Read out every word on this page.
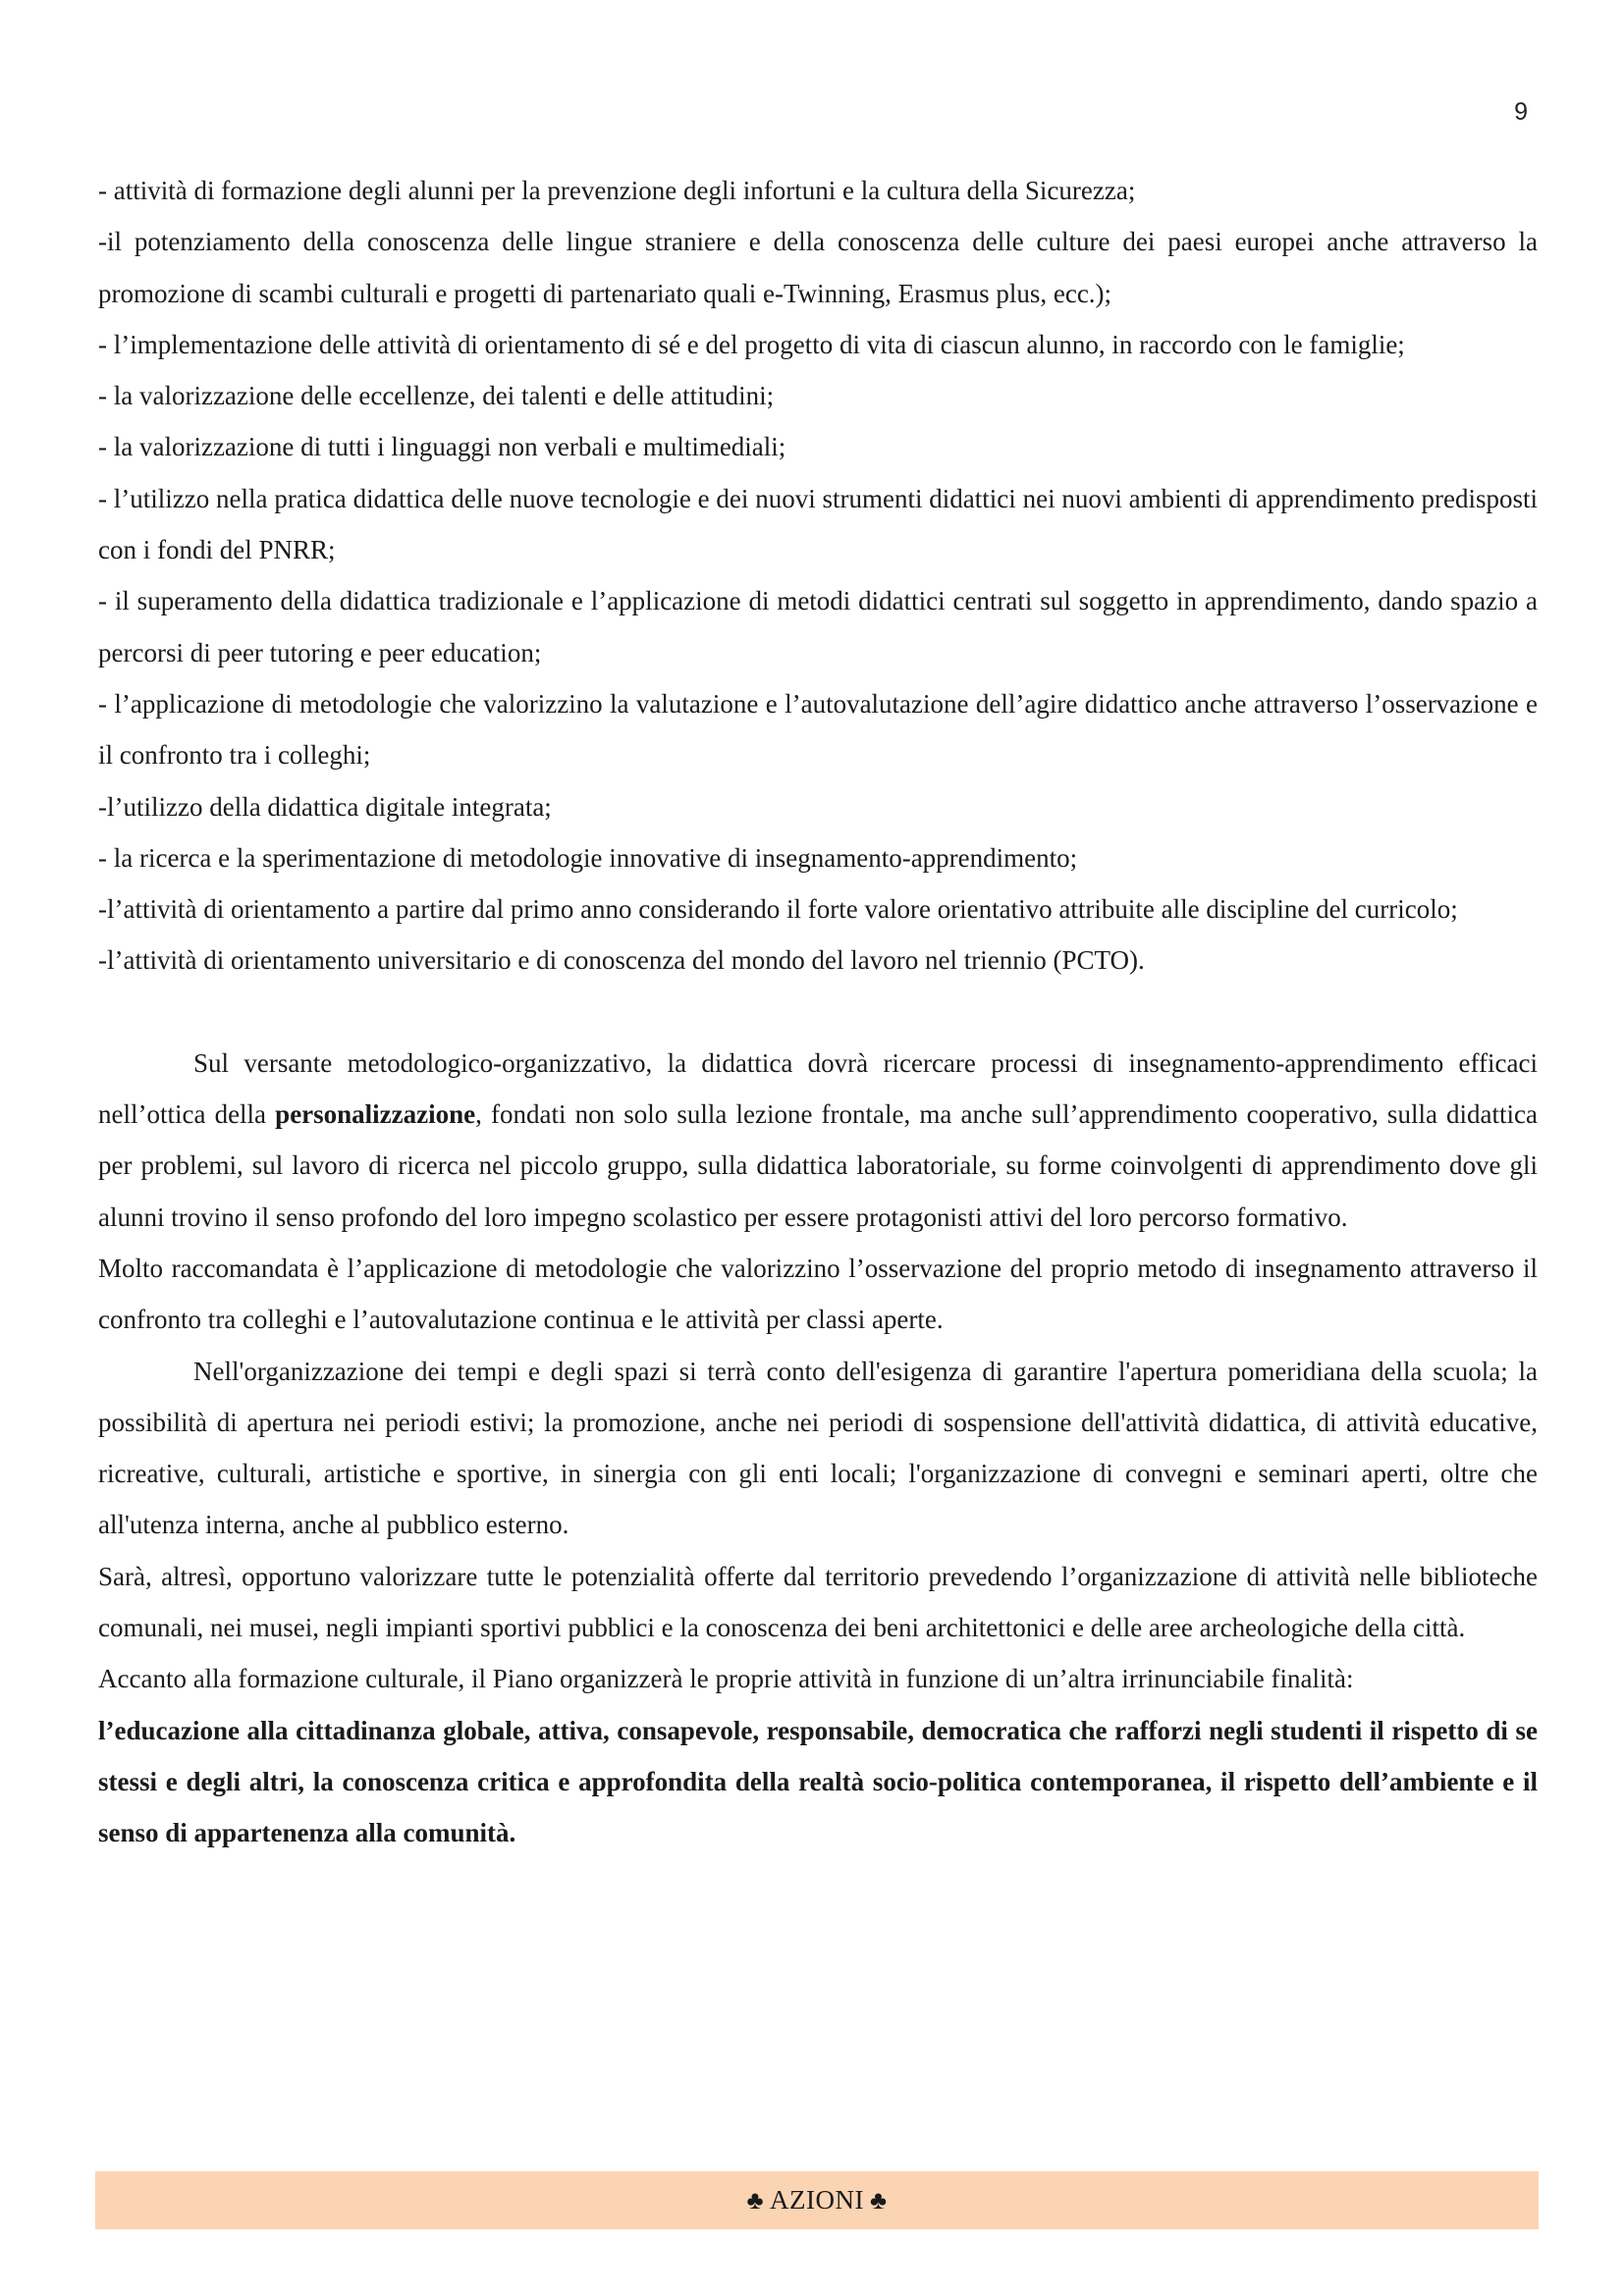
9

- attività di formazione degli alunni per la prevenzione degli infortuni e la cultura della Sicurezza;

-il potenziamento della conoscenza delle lingue straniere e della conoscenza delle culture dei paesi europei anche attraverso la promozione di scambi culturali e progetti di partenariato quali e-Twinning, Erasmus plus, ecc.);

- l’implementazione delle attività di orientamento di sé e del progetto di vita di ciascun alunno, in raccordo con le famiglie;

- la valorizzazione delle eccellenze, dei talenti e delle attitudini;

- la valorizzazione di tutti i linguaggi non verbali e multimediali;

- l’utilizzo nella pratica didattica delle nuove tecnologie e dei nuovi strumenti didattici nei nuovi ambienti di apprendimento predisposti con i fondi del PNRR;

- il superamento della didattica tradizionale e l’applicazione di metodi didattici centrati sul soggetto in apprendimento, dando spazio a percorsi di peer tutoring e peer education;

- l’applicazione di metodologie che valorizzino la valutazione e l’autovalutazione dell’agire didattico anche attraverso l’osservazione e il confronto tra i colleghi;

-l’utilizzo della didattica digitale integrata;

- la ricerca e la sperimentazione di metodologie innovative di insegnamento-apprendimento;

-l’attività di orientamento a partire dal primo anno considerando il forte valore orientativo attribuite alle discipline del curricolo;

-l’attività di orientamento universitario e di conoscenza del mondo del lavoro nel triennio (PCTO).

Sul versante metodologico-organizzativo, la didattica dovrà ricercare processi di insegnamento-apprendimento efficaci nell’ottica della personalizzazione, fondati non solo sulla lezione frontale, ma anche sull’apprendimento cooperativo, sulla didattica per problemi, sul lavoro di ricerca nel piccolo gruppo, sulla didattica laboratoriale, su forme coinvolgenti di apprendimento dove gli alunni trovino il senso profondo del loro impegno scolastico per essere protagonisti attivi del loro percorso formativo.

Molto raccomandata è l’applicazione di metodologie che valorizzino l’osservazione del proprio metodo di insegnamento attraverso il confronto tra colleghi e l’autovalutazione continua e le attività per classi aperte.

Nell'organizzazione dei tempi e degli spazi si terrà conto dell'esigenza di garantire l'apertura pomeridiana della scuola; la possibilità di apertura nei periodi estivi; la promozione, anche nei periodi di sospensione dell'attività didattica, di attività educative, ricreative, culturali, artistiche e sportive, in sinergia con gli enti locali; l'organizzazione di convegni e seminari aperti, oltre che all'utenza interna, anche al pubblico esterno.

Sarà, altresì, opportuno valorizzare tutte le potenzialità offerte dal territorio prevedendo l’organizzazione di attività nelle biblioteche comunali, nei musei, negli impianti sportivi pubblici e la conoscenza dei beni architettonici e delle aree archeologiche della città.

Accanto alla formazione culturale, il Piano organizzerà le proprie attività in funzione di un’altra irrinunciabile finalità:

l’educazione alla cittadinanza globale, attiva, consapevole, responsabile, democratica che rafforzi negli studenti il rispetto di se stessi e degli altri, la conoscenza critica e approfondita della realtà socio-politica contemporanea, il rispetto dell’ambiente e il senso di appartenenza alla comunità.

♣ AZIONI ♣
